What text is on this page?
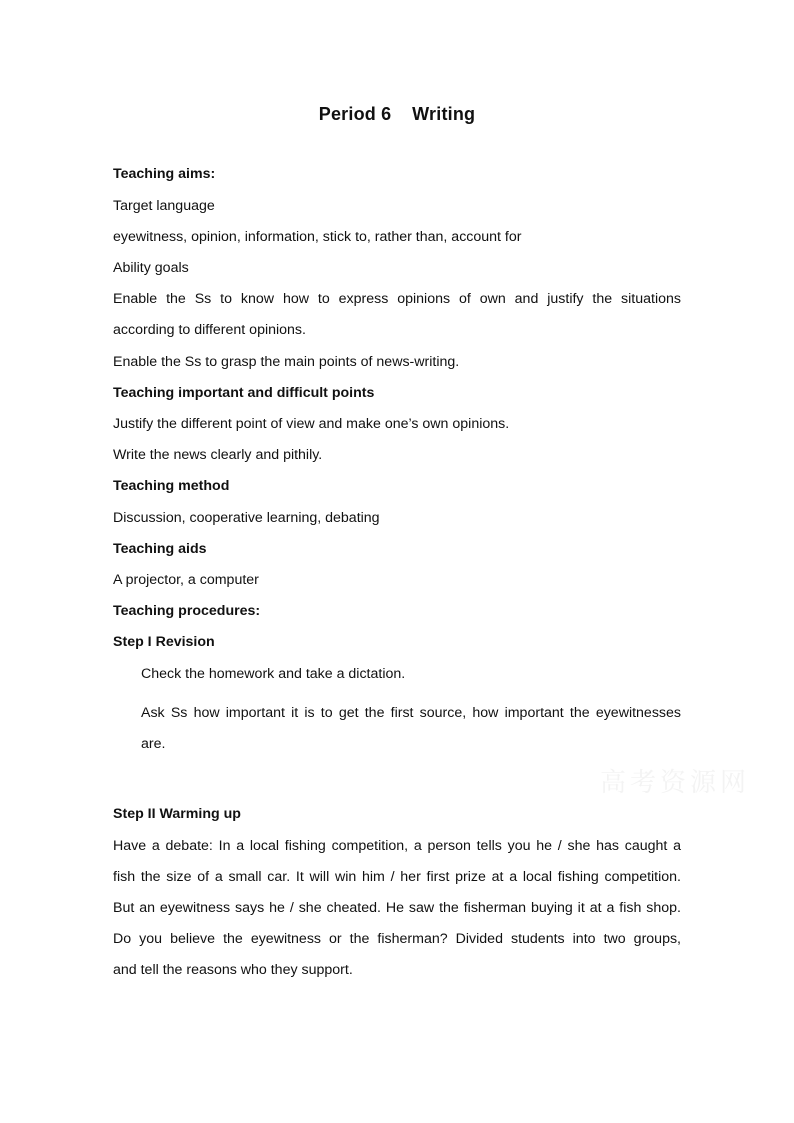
Period 6    Writing
Teaching aims:
Target language
eyewitness, opinion, information, stick to, rather than, account for
Ability goals
Enable the Ss to know how to express opinions of own and justify the situations
according to different opinions.
Enable the Ss to grasp the main points of news-writing.
Teaching important and difficult points
Justify the different point of view and make one’s own opinions.
Write the news clearly and pithily.
Teaching method
Discussion, cooperative learning, debating
Teaching aids
A projector, a computer
Teaching procedures:
Step I Revision
Check the homework and take a dictation.
Ask Ss how important it is to get the first source, how important the eyewitnesses
are.
高考资源网
Step II Warming up
Have a debate: In a local fishing competition, a person tells you he / she has caught a
fish the size of a small car. It will win him / her first prize at a local fishing competition.
But an eyewitness says he / she cheated. He saw the fisherman buying it at a fish shop.
Do you believe the eyewitness or the fisherman? Divided students into two groups,
and tell the reasons who they support.
